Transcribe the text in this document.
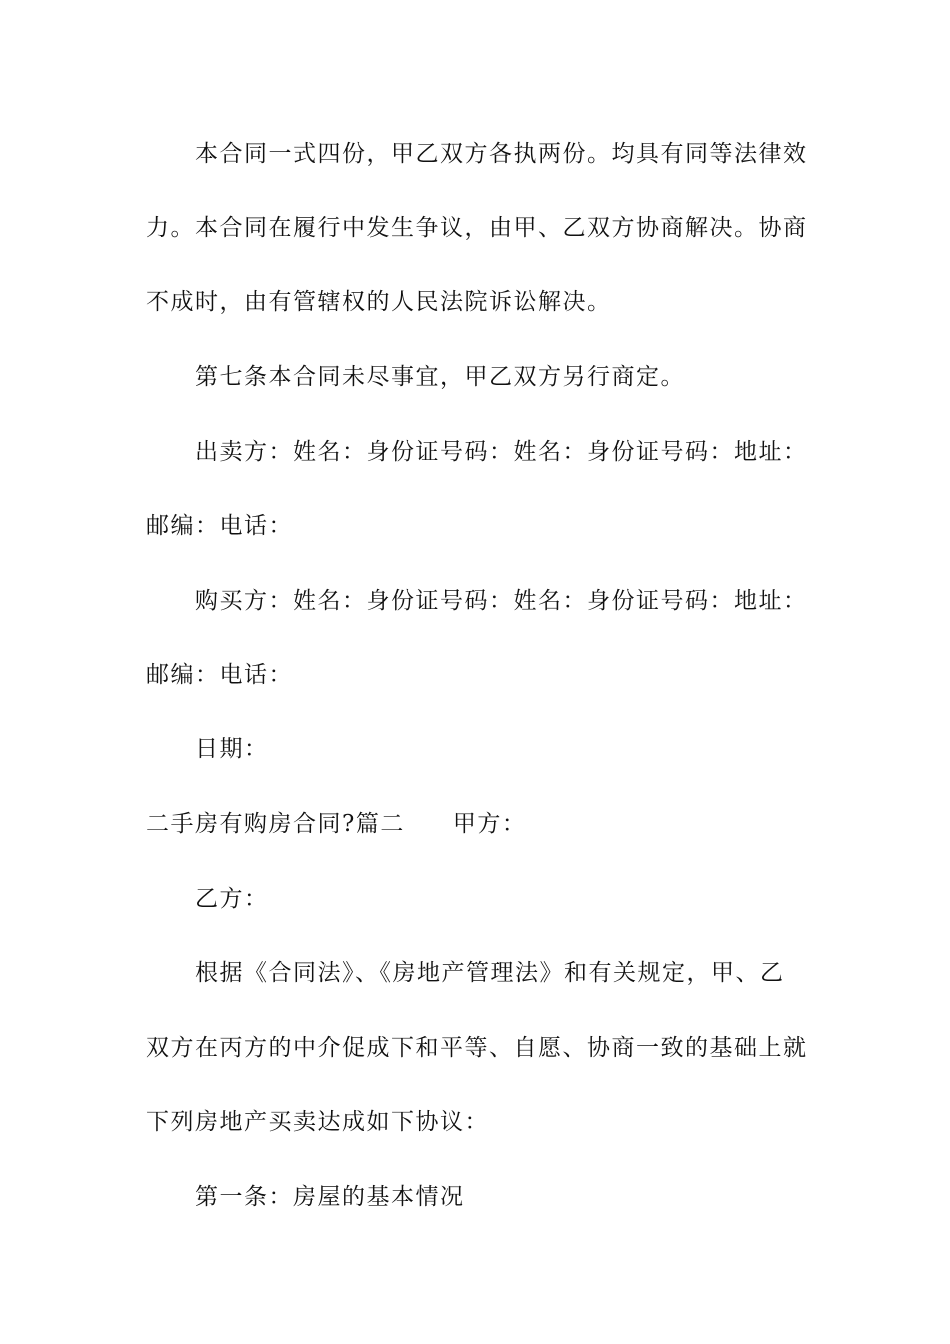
本合同一式四份，甲乙双方各执两份。均具有同等法律效
力。本合同在履行中发生争议，由甲、乙双方协商解决。协商
不成时，由有管辖权的人民法院诉讼解决。
第七条本合同未尽事宜，甲乙双方另行商定。
出卖方：姓名：身份证号码：姓名：身份证号码：地址：
邮编：电话：
购买方：姓名：身份证号码：姓名：身份证号码：地址：
邮编：电话：
日期：
二手房有购房合同?篇二 甲方：
乙方：
根据《合同法》、《房地产管理法》和有关规定，甲、乙
双方在丙方的中介促成下和平等、自愿、协商一致的基础上就
下列房地产买卖达成如下协议：
第一条：房屋的基本情况
